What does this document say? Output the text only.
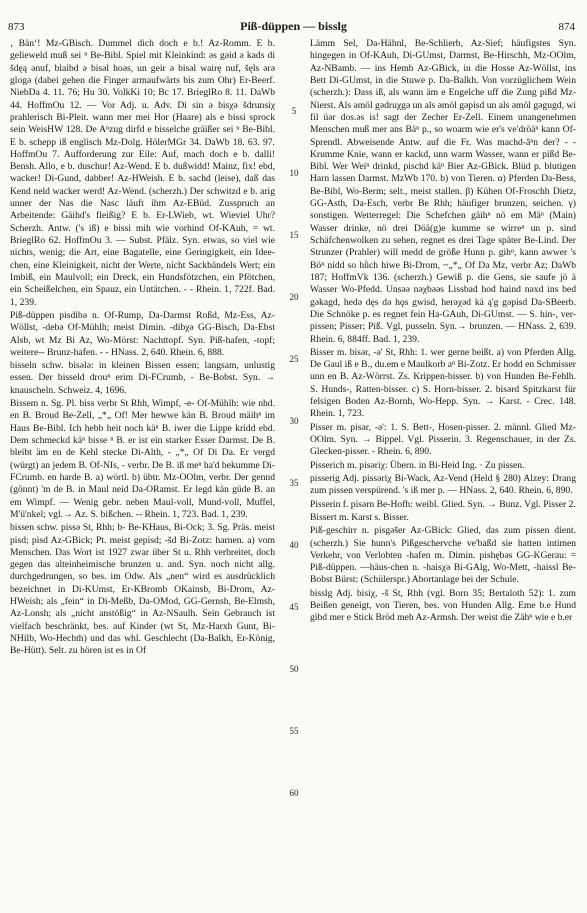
873	Piß-düppen — bisslg	874

‚ Bän‘! Mz-GBisch. Dummel dich doch e b.! Az-Romm. E b. gelieweld muß sei ⁿ Be-Bibl. Spiel mit Kleinkind: ǝs gǝid ǝ kads di šdęą ǝnuf, blaibd ǝ bisǝl hoǝs, un geir ǝ bisǝl wairę nuf, šęls ǝrǝ glogǝ (dabei gehen die Finger armaufwärts bis zum Ohr) Er-Beerf. NiebDa 4. 11. 76; Hu 30. VolkKi 10; Bc 17. BrieglRo 8. 11. DaWb 44. HoffmOu 12. — Vor Adj. u. Adv. Di sin ǝ bisχǝ šdrunsiχ prahlerisch Bi-Pleit. wann mer mei Hor (Haare) als e bissi sprock sein WeisHW 128. De Aⁿzug dirfd e bisselche gräißer sei ⁿ Be-Bibl. E b. schepp iß englisch Mz-Dolg. HölerMGr 34. DaWb 18. 63. 97. HoffmOu 7. Aufforderung zur Eile: Auf, mach doch e b. dalli! Bensh. Allo, e b. duschur! Az-Wend. E b. dußwidd! Mainz, fix! ebd, wacker! Di-Gund, dabber! Az-HWeish. E b. sachd (leise), daß das Kend neld wacker werd! Az-Wend. (scherzh.) Der schwitzd e b. arig unner der Nas die Nasc läuft ihm Az-EBüd. Zusspruch an Arbeitende: Gäihd's fleißig? E b. Er-LWieb, wt. Wieviel Uhr? Scherzh. Antw. ('s iß) e bissi mih wie vorhind Of-KAuh, = wt. BrieglRo 62. HoffmOu 3. — Subst. Pfälz. Syn. etwas, so viel wie nichts, wenig; die Art, eine Bagatelle, eine Geringigkeit, ein Idee-chen, eine Kleinigkeit, nicht der Werte, nicht Sackbändels Wert; ein Imbiß, ein Maulvoll; ein Dreck, ein Hundsfötzchen, ein Pfötchen, ein Scheißelchen, ein Spauz, ein Untätchen. - - Rhein. 1, 722f. Bad. 1, 239.

Piß-düppen pisdibǝ n. Of-Rump, Da-Darmst Roßd, Mz-Ess, Az-Wöllst, -debǝ Of-Mühlh; meist Dimin. -dibχǝ GG-Bisch, Da-Ebst Alsb, wt Mz Bi Az, Wo-Mörst: Nachttopf. Syn. Piß-hafen, -topf; weitere-- Brunz-hafen. - - HNass. 2, 640. Rhein. 6, 888.

bisseln schw. bisǝlǝ: in kleinen Bissen essen; langsam, unlustig essen. Der bisseld drouⁿ erim Di-FCrumb, - Be-Bobst. Syn. → knauscheln. Schweiz. 4, 1696.

Bissem n. Sg. Pl. biss verbr St Rhh, Wimpf, -e- Of-Mühlh: wie nhd. en B. Broud Be-Zell, „*„ Of! Mer hewwe kän B. Broud mäihⁿ im Haus Be-Bibl. Ich hebb heit noch käⁿ B. iwer die Lippe kridd ebd. Dem schmeckd käⁿ bisse ⁿ B. er ist ein starker Esser Darmst. De B. bleibt äm en de Kehl stecke Di-Alth, - „*„ Of Di Da. Er vergd (würgt) an jedem B. Of-NIs, - verbr. De B. iß meⁿ ha'd bekumme Di-FCrumb. en harde B. a) wörtl. b) übtr. Mz-OOlm, verbr. Der gennd (gönnt) 'm de B. in Maul neid Da-ORamst. Er legd kän güde B. an em Wimpf. — Wenig gebr. neben Maul-voll, Mund-voll, Muffel, M'ü'nkel; vgl.→ Az. S. bißchen. -- Rhein. 1, 723. Bad. 1, 239.

bissen schw. pissǝ St, Rhh; b- Be-KHaus, Bi-Ock; 3. Sg. Präs. meist pisd; pisd Az-GBick; Pt. meist gepisd; -šd Bi-Zotz: harnen. a) vom Menschen. Das Wort ist 1927 zwar über St u. Rhh verbreitet, doch gegen das alteinheimische brunzen u. and. Syn. noch nicht allg. durchgedrungen, so bes. im Odw. Als „nen“ wird es ausdrücklich bezeichnet in Di-KUmst, Er-KBromb OKainsb, Bi-Drom, Az-HWeish; als „fein“ in Di-Meßb, Da-OMod, GG-Gernsh, Be-Elmsh, Az-Lonsh; als „nicht anstößig“ in Az-NSaulh. Sein Gebrauch ist vielfach beschränkt, bes. auf Kinder (wt St, Mz-Harxh Gunt, Bi-NHilb, Wo-Hechth) und das whl. Geschlecht (Da-Balkh, Er-König, Be-Hütt). Selt. zu hören ist es in Of

5
10
15
20
25
30
35
40
45
50
55
60

Lämm Sel, Da-Hähnl, Be-Schlierb, Az-Sief; häufigstes Syn. hingegen in Of-KAuh, Di-GUmst, Darmst, Be-Hirschh, Mz-OOlm, Az-NBamb. — ins Hemb Az-GBick, in die Hosse Az-Wöllst, ins Bett Di-GUmst, in die Stuwe p. Da-Balkh. Von vorzüglichem Wein (scherzh.): Dass iß, als wann äm e Engelche uff die Zung pißd Mz-Nierst. Als ǝmöl gǝdruχgǝ un als ǝmöl gǝpisd un als ǝmöl gǝgugd, wi fil üǝr dos.ǝs is! sagt der Zecher Er-Zell. Einem unangenehmen Menschen muß mer ans Bäⁿ p., so woarm wie er's ve'dröäⁿ kann Of-Sprendl. Abweisende Antw. auf die Fr. Was machd-âⁿn der? - - Krumme Knie, wann er kackd, unn warm Wasser, wann er pißd Be-Bibl. Wer Weiⁿ drinkd, pischd käⁿ Bier Az-GBick. Blüd p. blutigen Harn lassen Darmst. MzWb 170. b) von Tieren. α) Pferden Da-Bess, Be-Bibl, Wo-Berm; selt., meist stallen. β) Kühen Of-Froschh Dietz, GG-Asth, Da-Esch, verbr Be Rhh; häufiger brunzen, seichen. γ) sonstigen. Wetterregel: Die Schefchen gäihⁿ nö em Mäⁿ (Main) Wasser drinke, nö drei Döä(g)e kumme se wirreⁿ un p. sind Schäfchenwolken zu sehen, regnet es drei Tage später Be-Lind. Der Strunzer (Prahler) will medd de größe Hunn p. gihⁿ, kann awwer 's Böⁿ nidd so hǜch hiwe Bi-Drom, ~„*„ Of Da Mz, verbr Az; DaWb 187; HoffmVk 136. (scherzh.) Gewiß p. die Gens, sie saufe jö ä Wasser Wo-Pfedd. Unsǝǝ nǝχbǝǝs Lissbad hod haind nǝxd ins bed gǝkagd, hedǝ dęs dǝ hǫs gwisd, herǝχǝd kä ą'g gǝpisd Da-SBeerb. Die Schnöke p. es regnet fein Ha-GAuh, Di-GUmst. — S. hin-, ver-pissen; Pisser; Piß. Vgl. pusseln. Syn.→ brunzen. — HNass. 2, 639. Rhein. 6, 884ff. Bad. 1, 239.

Bisser m. bisǝr, -ǝ' St, Rhh: 1. wer gerne beißt. a) von Pferden Allg. De Gaul iß e B., du.em e Maulkorb aⁿ Bi-Zotz. Er hodd en Schmisser unn en B. Az-Wörrst. Zs. Krippen-bisser. b) von Hunden Be-Fehlh. S. Hunds-, Ratten-bisser. c) S. Horn-bisser. 2. bisǝrd Spitzkarst für felsigen Boden Az-Bornh, Wo-Hepp. Syn. → Karst. - Crec. 148. Rhein. 1, 723.

Pisser m. pisǝr, -ǝ': 1. S. Bett-, Hosen-pisser. 2. männl. Glied Mz-OOlm. Syn. → Bippel. Vgl. Pisserin. 3. Regenschauer, in der Zs. Glecken-pisser. - Rhein. 6, 890.

Pisserich m. pisǝriχ: Übern. in Bi-Heid Ing. · Zu pissen.

pisserig Adj. pissǝriχ Bi-Wack, Az-Vend (Held § 280) Alzey: Drang zum pissen verspürend. 's iß mer p. — HNass. 2, 640. Rhein. 6, 890.

Pisserin f. pisǝrn Be-Hofh: weibl. Glied. Syn. → Bunz. Vgl. Pisser 2.

Bissert m. Karst s. Bisser.

Piß-geschirr n. pisgǝšer Az-GBick: Glied, das zum pissen dient. (scherzh.) Sie hunn's Pißgeschervche ve'baßd sie hatten intimen Verkehr, von Verlobten -hafen m. Dimin. pishębǝs GG-KGerau: = Piß-düppen. —häus-chen n. -haisχǝ Bi-GAlg, Wo-Mett, -haissl Be-Bobst Bürst: (Schülerspr.) Abortanlage bei der Schule.

bisslg Adj. bisiχ, -š St, Rhh (vgl. Born 35; Bertaloth 52): 1. zum Beißen geneigt, von Tieren, bes. von Hunden Allg. Eme b.e Hund gibd mer e Stick Bröd meh Az-Armsh. Der weist die Zähⁿ wie e b.er
